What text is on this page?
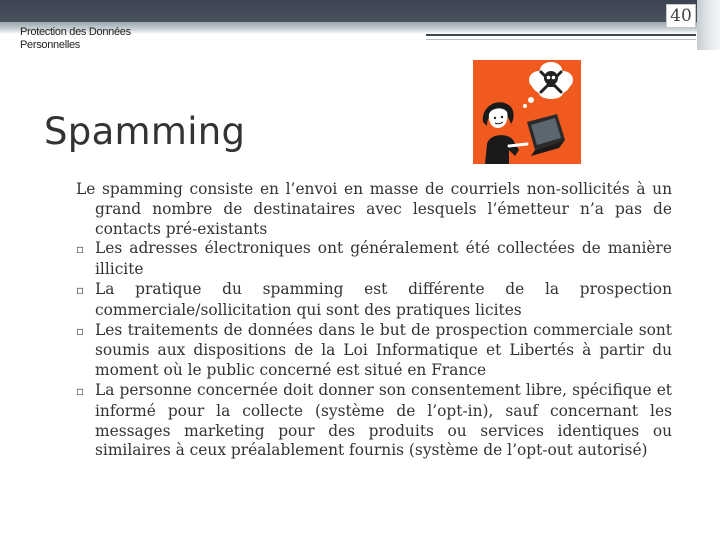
40
Protection des Données
Personnelles
Spamming

Le spamming consiste en l’envoi en masse de courriels non-sollicités à un grand nombre de destinataires avec lesquels l’émetteur n’a pas de contacts pré-existants

▫ Les adresses électroniques ont généralement été collectées de manière illicite

▫ La pratique du spamming est différente de la prospection commerciale/sollicitation qui sont des pratiques licites

▫ Les traitements de données dans le but de prospection commerciale sont soumis aux dispositions de la Loi Informatique et Libertés à partir du moment où le public concerné est situé en France

▫ La personne concernée doit donner son consentement libre, spécifique et informé pour la collecte (système de l’opt-in), sauf concernant les messages marketing pour des produits ou services identiques ou similaires à ceux préalablement fournis (système de l’opt-out autorisé)
